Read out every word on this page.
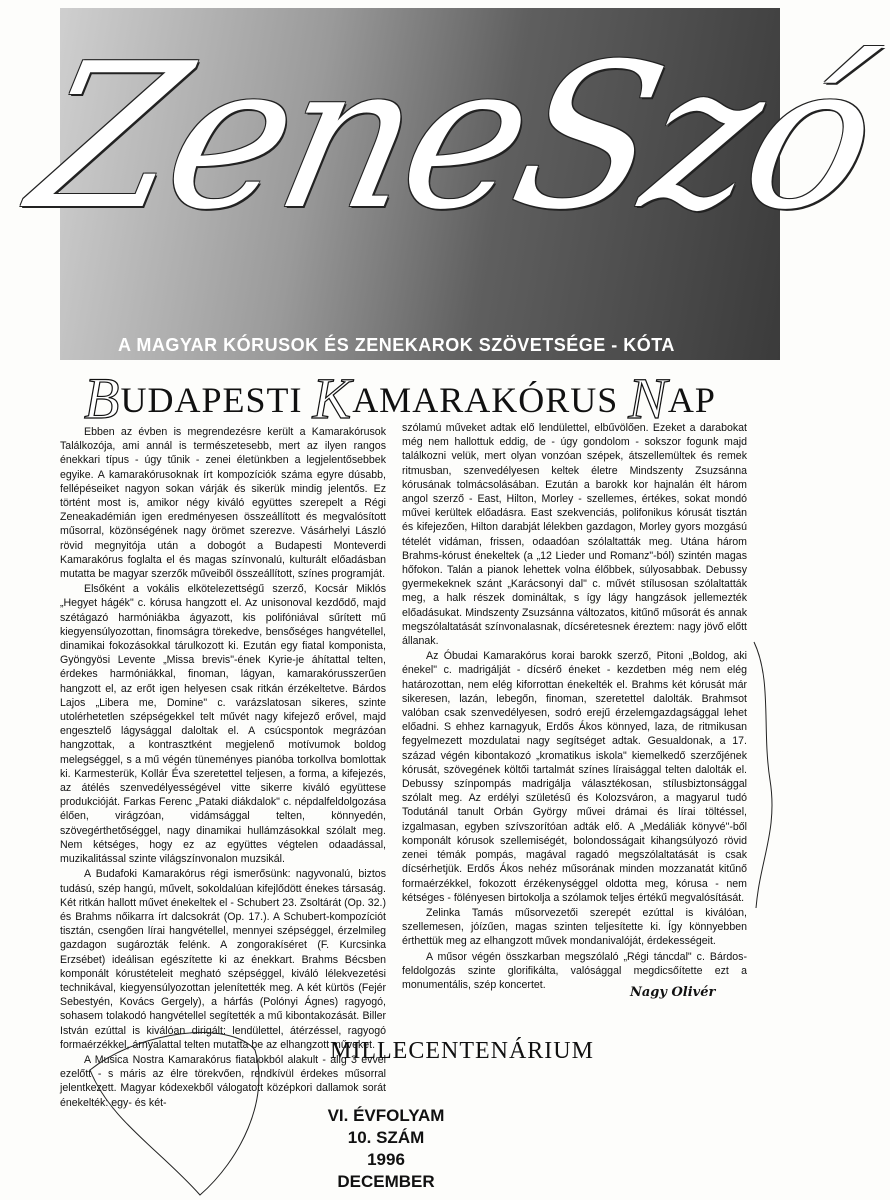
ZeneSzó
A MAGYAR KÓRUSOK ÉS ZENEKAROK SZÖVETSÉGE - KÓTA
BUDAPESTI KAMARAKÓRUS NAP

Ebben az évben is megrendezésre került a Kamarakórusok Találkozója, ami annál is természetesebb, mert az ilyen rangos énekkari típus - úgy tűnik - zenei életünkben a legjelentősebbek egyike. A kamarakórusoknak írt kompozíciók száma egyre dúsabb, fellépéseiket nagyon sokan várják és sikerük mindig jelentős. Ez történt most is, amikor négy kiváló együttes szerepelt a Régi Zeneakadémián igen eredményesen összeállított és megvalósított műsorral, közönségének nagy örömet szerezve. Vásárhelyi László rövid megnyitója után a dobogót a Budapesti Monteverdi Kamarakórus foglalta el és magas színvonalú, kulturált előadásban mutatta be magyar szerzők műveiből összeállított, színes programját.

Elsőként a vokális elkötelezettségű szerző, Kocsár Miklós „Hegyet hágék" c. kórusa hangzott el. Az unisonoval kezdődő, majd szétágazó harmóniákba ágyazott, kis polifóniával sűrített mű kiegyensúlyozottan, finomságra törekedve, bensőséges hangvétellel, dinamikai fokozásokkal tárulkozott ki. Ezután egy fiatal komponista, Gyöngyösi Levente „Missa brevis"-ének Kyrie-je áhítattal telten, érdekes harmóniákkal, finoman, lágyan, kamarakórusszerűen hangzott el, az erőt igen helyesen csak ritkán érzékeltetve. Bárdos Lajos „Libera me, Domine" c. varázslatosan sikeres, szinte utolérhetetlen szépségekkel telt művét nagy kifejező erővel, majd engesztelő lágysággal daloltak el. A csúcspontok megrázóan hangzottak, a kontrasztként megjelenő motívumok boldog melegséggel, s a mű végén tüneményes pianóba torkollva bomlottak ki. Karmesterük, Kollár Éva szeretettel teljesen, a forma, a kifejezés, az átélés szenvedélyességével vitte sikerre kiváló együttese produkcióját. Farkas Ferenc „Pataki diákdalok" c. népdalfeldolgozása élően, virágzóan, vidámsággal telten, könnyedén, szövegérthetőséggel, nagy dinamikai hullámzásokkal szólalt meg. Nem kétséges, hogy ez az együttes végtelen odaadással, muzikalitással szinte világszínvonalon muzsikál.

A Budafoki Kamarakórus régi ismerősünk: nagyvonalú, biztos tudású, szép hangú, művelt, sokoldalúan kifejlődött énekes társaság. Két ritkán hallott művet énekeltek el - Schubert 23. Zsoltárát (Op. 32.) és Brahms nőikarra írt dalcsokrát (Op. 17.). A Schubert-kompozíciót tisztán, csengően lírai hangvétellel, mennyei szépséggel, érzelmileg gazdagon sugározták felénk. A zongorakíséret (F. Kurcsinka Erzsébet) ideálisan egészítette ki az énekkart. Brahms Bécsben komponált kórustételeit megható szépséggel, kiváló lélekvezetési technikával, kiegyensúlyozottan jelenítették meg. A két kürtös (Fejér Sebestyén, Kovács Gergely), a hárfás (Polónyi Ágnes) ragyogó, sohasem tolakodó hangvétellel segítették a mű kibontakozását. Biller István ezúttal is kiválóan dirigált: lendülettel, átérzéssel, ragyogó formaérzékkel, árnyalattal telten mutatta be az elhangzott műveket.

A Musica Nostra Kamarakórus fiatalokból alakult - alig 3 évvel ezelőtt - s máris az élre törekvően, rendkívül érdekes műsorral jelentkezett. Magyar kódexekből válogatott középkori dallamok sorát énekelték: egy- és két-

szólamú műveket adtak elő lendülettel, elbűvölően. Ezeket a darabokat még nem hallottuk eddig, de - úgy gondolom - sokszor fogunk majd találkozni velük, mert olyan vonzóan szépek, átszellemültek és remek ritmusban, szenvedélyesen keltek életre Mindszenty Zsuzsánna kórusának tolmácsolásában. Ezután a barokk kor hajnalán élt három angol szerző - East, Hilton, Morley - szellemes, értékes, sokat mondó művei kerültek előadásra. East szekvenciás, polifonikus kórusát tisztán és kifejezően, Hilton darabját lélekben gazdagon, Morley gyors mozgású tételét vidáman, frissen, odaadóan szólaltatták meg. Utána három Brahms-kórust énekeltek (a „12 Lieder und Romanz"-ból) szintén magas hőfokon. Talán a pianok lehettek volna élőbbek, súlyosabbak. Debussy gyermekeknek szánt „Karácsonyi dal" c. művét stílusosan szólaltatták meg, a halk részek domináltak, s így lágy hangzások jellemezték előadásukat. Mindszenty Zsuzsánna változatos, kitűnő műsorát és annak megszólaltatását színvonalasnak, dícséretesnek éreztem: nagy jövő előtt állanak.

Az Óbudai Kamarakórus korai barokk szerző, Pitoni „Boldog, aki énekel" c. madrigálját - dícsérő éneket - kezdetben még nem elég határozottan, nem elég kiforrottan énekelték el. Brahms két kórusát már sikeresen, lazán, lebegőn, finoman, szeretettel dalolták. Brahmsot valóban csak szenvedélyesen, sodró erejű érzelemgazdagsággal lehet előadni. S ehhez karnagyuk, Erdős Ákos könnyed, laza, de ritmikusan fegyelmezett mozdulatai nagy segítséget adtak. Gesualdonak, a 17. század végén kibontakozó „kromatikus iskola" kiemelkedő szerzőjének kórusát, szövegének költői tartalmát színes líraisággal telten dalolták el. Debussy színpompás madrigálja választékosan, stílusbiztonsággal szólalt meg. Az erdélyi születésű és Kolozsváron, a magyarul tudó Todutánál tanult Orbán György művei drámai és lírai töltéssel, izgalmasan, egyben szívszorítóan adták elő. A „Medáliák könyvé"-ből komponált kórusok szellemiségét, bolondosságait kihangsúlyozó rövid zenei témák pompás, magával ragadó megszólaltatását is csak dícsérhetjük. Erdős Ákos nehéz műsorának minden mozzanatát kitűnő formaérzékkel, fokozott érzékenységgel oldotta meg, kórusa - nem kétséges - fölényesen birtokolja a szólamok teljes értékű megvalósítását.

Zelinka Tamás műsorvezetői szerepét ezúttal is kiválóan, szellemesen, jóízűen, magas szinten teljesítette ki. Így könnyebben érthettük meg az elhangzott művek mondanivalóját, érdekességeit.

A műsor végén összkarban megszólaló „Régi táncdal" c. Bárdos-feldolgozás szinte glorifikálta, valósággal megdicsőítette ezt a monumentális, szép koncertet.

Nagy Olivér
MILLECENTENÁRIUM
VI. ÉVFOLYAM
10. SZÁM
1996
DECEMBER
